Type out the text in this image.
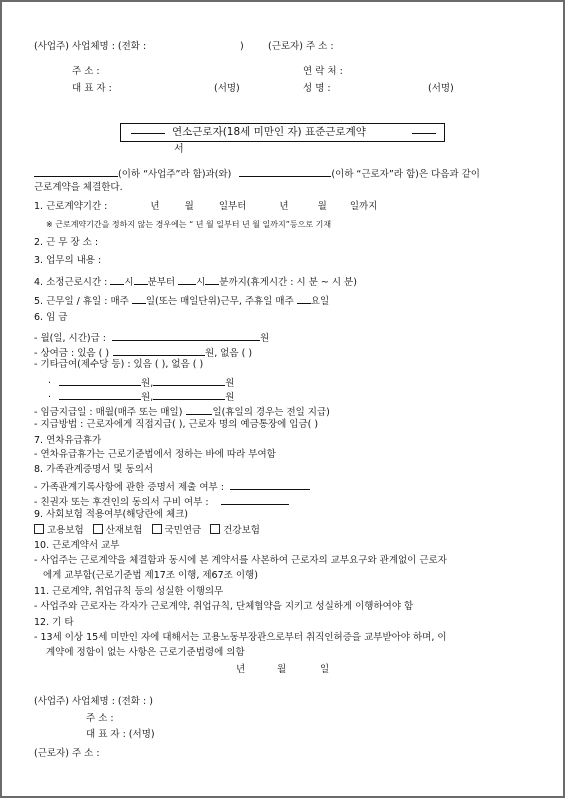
(사업주) 사업체명 : (전화 :	)	(근로자) 주 소 :
주 소 :	연 락 처 :
대 표 자 :	(서명)	성 명 :	(서명)
연소근로자(18세 미만인 자) 표준근로계약
서
(이하 “사업주”라 함)과(와)	(이하 “근로자”라 함)은 다음과 같이
근로계약을 체결한다.
1. 근로계약기간 :	년	월	일부터	년	월 일까지
※ 근로계약기간을 정하지 않는 경우에는 “ 년 월 일부터 년 월 일까지”등으로 기재
2. 근 무 장 소 :
3. 업무의 내용 :
4. 소정근로시간 : 시 분부터 시 분까지(휴게시간 : 시 분 ~ 시 분)
5. 근무일 / 휴일 : 매주 일(또는 매일단위)근무, 주휴일 매주 요일
6. 임 금
- 월(일, 시간)급 :	원
- 상여금 : 있음 ( )	원, 없음 ( )
- 기타급여(제수당 등) : 있음 ( ), 없음 ( )
·	원,	원
·	원,	원
- 임금지급일 : 매월(매주 또는 매일)	일(휴일의 경우는 전일 지급)
- 지급방법 : 근로자에게 직접지급( ), 근로자 명의 예금통장에 입금( )
7. 연차유급휴가
- 연차유급휴가는 근로기준법에서 정하는 바에 따라 부여함
8. 가족관계증명서 및 동의서
- 가족관계기록사항에 관한 증명서 제출 여부 :
- 친권자 또는 후견인의 동의서 구비 여부 :
9. 사회보험 적용여부(해당란에 체크)
고용보험 산재보험 국민연금 건강보험
10. 근로계약서 교부
- 사업주는 근로계약을 체결함과 동시에 본 계약서를 사본하여 근로자의 교부요구와 관계없이 근로자
에게 교부함(근로기준법 제17조 이행, 제67조 이행)
11. 근로계약, 취업규칙 등의 성실한 이행의무
- 사업주와 근로자는 각자가 근로계약, 취업규칙, 단체협약을 지키고 성실하게 이행하여야 함
12. 기 타
- 13세 이상 15세 미만인 자에 대해서는 고용노동부장관으로부터 취직인허증을 교부받아야 하며, 이
계약에 정함이 없는 사항은 근로기준법령에 의함
년	월	일
(사업주) 사업체명 : (전화 : )
주 소 :
대 표 자 : (서명)
(근로자) 주 소 :
